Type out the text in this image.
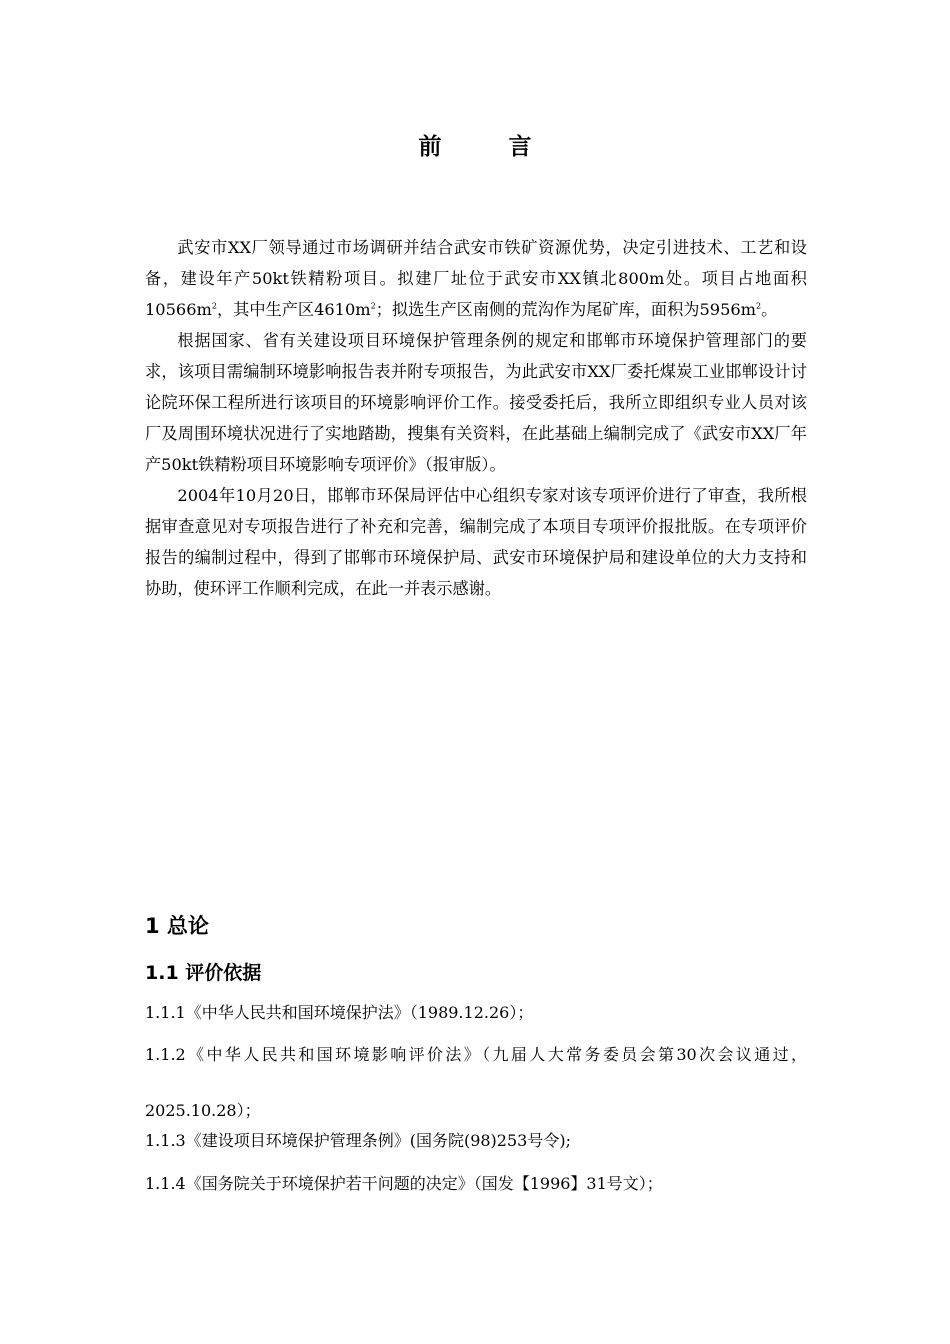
前　言

武安市XX厂领导通过市场调研并结合武安市铁矿资源优势，决定引进技术、工艺和设备，建设年产50kt铁精粉项目。拟建厂址位于武安市XX镇北800m处。项目占地面积$10566m^2$，其中生产区$4610m^2$；拟选生产区南侧的荒沟作为尾矿库，面积为$5956m^2$。

根据国家、省有关建设项目环境保护管理条例的规定和邯郸市环境保护管理部门的要求，该项目需编制环境影响报告表并附专项报告，为此武安市XX厂委托煤炭工业邯郸设计讨论院环保工程所进行该项目的环境影响评价工作。接受委托后，我所立即组织专业人员对该厂及周围环境状况进行了实地踏勘，搜集有关资料，在此基础上编制完成了《武安市XX厂年产50kt铁精粉项目环境影响专项评价》（报审版）。

2004年10月20日，邯郸市环保局评估中心组织专家对该专项评价进行了审查，我所根据审查意见对专项报告进行了补充和完善，编制完成了本项目专项评价报批版。在专项评价报告的编制过程中，得到了邯郸市环境保护局、武安市环境保护局和建设单位的大力支持和协助，使环评工作顺利完成，在此一并表示感谢。

1 总论
1.1 评价依据
1.1.1《中华人民共和国环境保护法》（1989.12.26）；
1.1.2《中华人民共和国环境影响评价法》（九届人大常务委员会第30次会议通过，2025.10.28）；
1.1.3《建设项目环境保护管理条例》(国务院(98)253号令);
1.1.4《国务院关于环境保护若干问题的决定》（国发【1996】31号文）；
